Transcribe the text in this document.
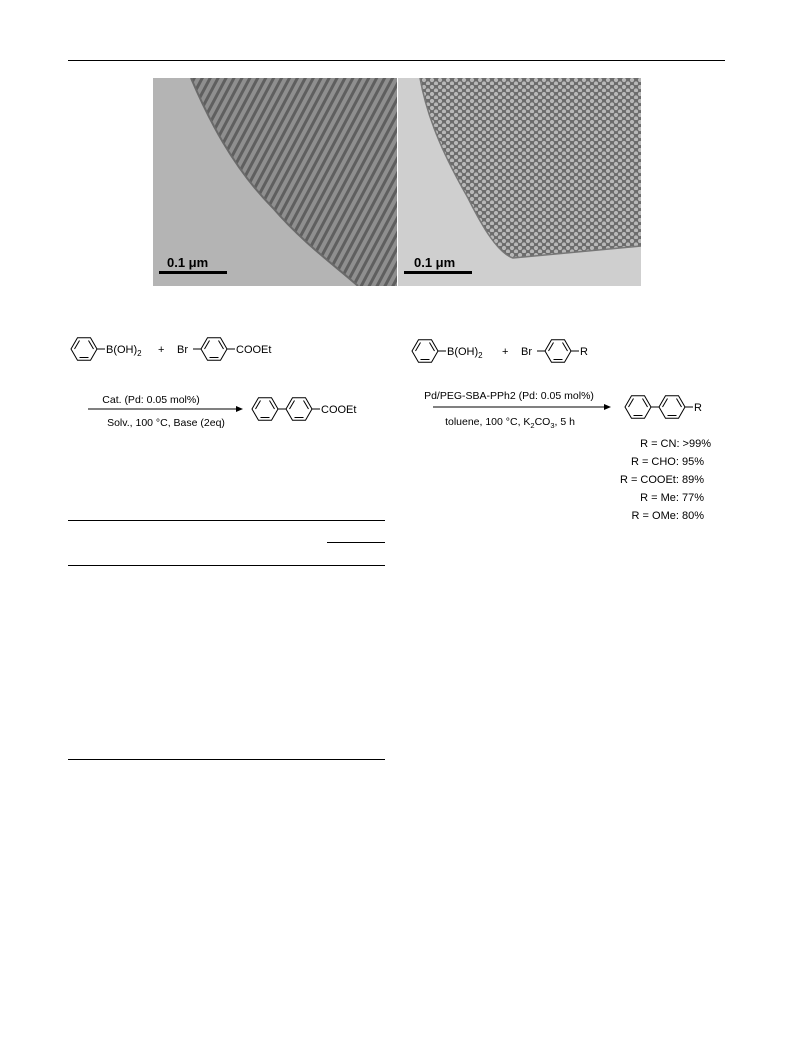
0.1 μm	0.1 μm
$B(OH)_2 + Br$	COOEt
Cat. (Pd: 0.05 mol%)
Solv., 100 °C, Base (2eq)
COOEt
$B(OH)_2 + Br$	R
Pd/PEG-SBA-PPh2 (Pd: 0.05 mol%)
toluene, 100 °C, $K_2CO_3$, 5 h
R
R = CN: >99%
R = CHO: 95%
R = COOEt: 89%
R = Me: 77%
R = OMe: 80%
